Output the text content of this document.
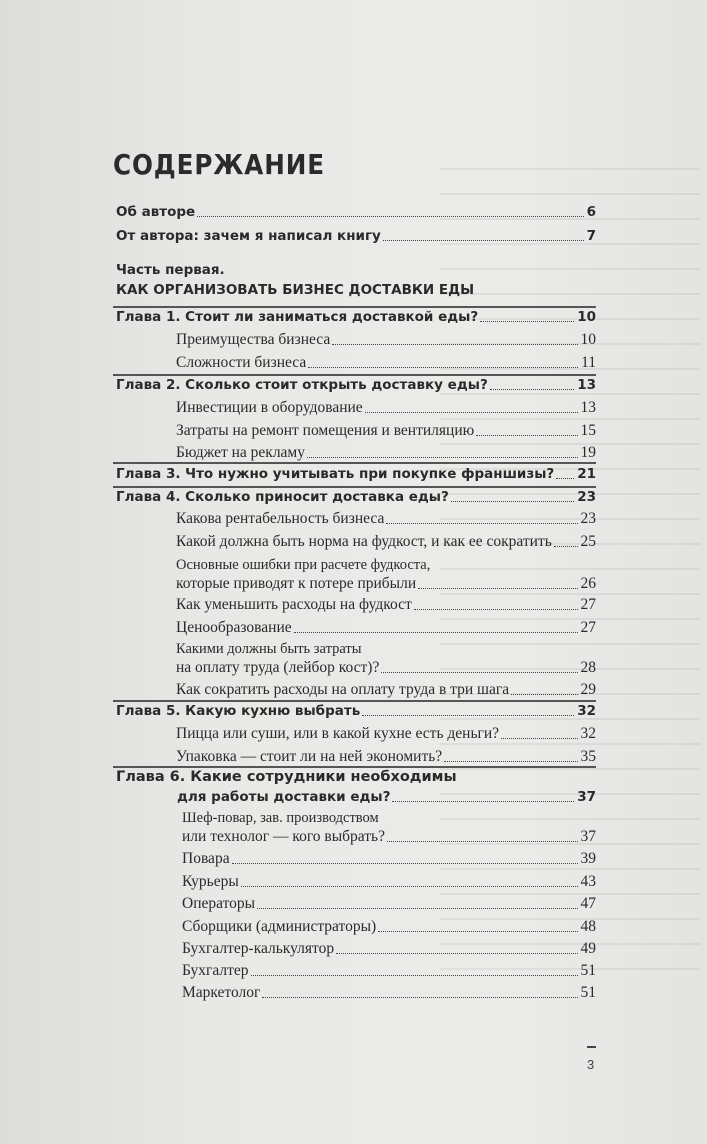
СОДЕРЖАНИЕ
Об авторе	6
От автора: зачем я написал книгу	7
Часть первая.
КАК ОРГАНИЗОВАТЬ БИЗНЕС ДОСТАВКИ ЕДЫ
Глава 1. Стоит ли заниматься доставкой еды?	10
Преимущества бизнеса	10
Сложности бизнеса	11
Глава 2. Сколько стоит открыть доставку еды?	13
Инвестиции в оборудование	13
Затраты на ремонт помещения и вентиляцию	15
Бюджет на рекламу	19
Глава 3. Что нужно учитывать при покупке франшизы? 21
Глава 4. Сколько приносит доставка еды?	23
Какова рентабельность бизнеса	23
Какой должна быть норма на фудкост, и как ее сократить 25
Основные ошибки при расчете фудкоста,
которые приводят к потере прибыли	26
Как уменьшить расходы на фудкост	27
Ценообразование	27
Какими должны быть затраты
на оплату труда (лейбор кост)?	28
Как сократить расходы на оплату труда в три шага	29
Глава 5. Какую кухню выбрать	32
Пицца или суши, или в какой кухне есть деньги?	32
Упаковка — стоит ли на ней экономить?	35
Глава 6. Какие сотрудники необходимы
для работы доставки еды?	37
Шеф-повар, зав. производством
или технолог — кого выбрать?	37
Повара	39
Курьеры	43
Операторы	47
Сборщики (администраторы)	48
Бухгалтер-калькулятор	49
Бухгалтер	51
Маркетолог	51
3
